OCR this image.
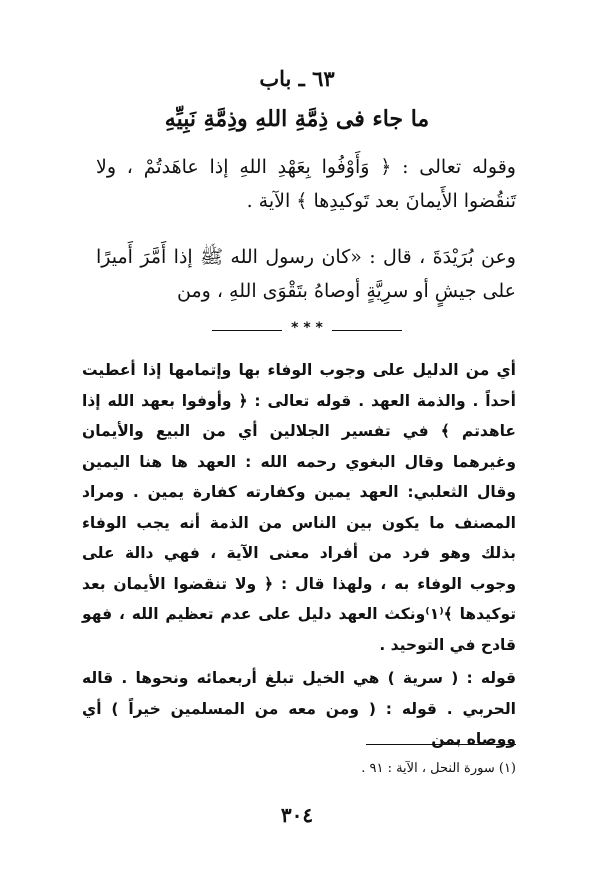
٦٣ ـ باب
ما جاء فى ذِمَّةِ اللهِ وذِمَّةِ نَبِيِّهِ

وقوله تعالى : ﴿ وَأَوْفُوا بِعَهْدِ اللهِ إذا عاهَدتُمْ ، ولا تَنقُضوا الأَيمانَ بعد تَوكيدِها ﴾ الآية .

وعن بُرَيْدَةَ ، قال : «كان رسول الله ﷺ إذا أَمَّرَ أَميرًا على جيشٍ أو سرِيَّةٍ أوصاهُ بتَقْوَى اللهِ ، ومن

* * *

أي من الدليل على وجوب الوفاء بها وإتمامها إذا أعطيت أحداً . والذمة العهد . قوله تعالى : ﴿ وأوفوا بعهد الله إذا عاهدتم ﴾ في تفسير الجلالين أي من البيع والأيمان وغيرهما وقال البغوي رحمه الله : العهد ها هنا اليمين وقال الثعلبي: العهد يمين وكفارته كفارة يمين . ومراد المصنف ما يكون بين الناس من الذمة أنه يجب الوفاء بذلك وهو فرد من أفراد معنى الآية ، فهي دالة على وجوب الوفاء به ، ولهذا قال : ﴿ ولا تنقضوا الأيمان بعد توكيدها ﴾⁽١⁾ونكث العهد دليل على عدم تعظيم الله ، فهو قادح في التوحيد .

قوله : ( سرية ) هي الخيل تبلغ أربعمائه ونحوها . قاله الحربي . قوله : ( ومن معه من المسلمين خيراً ) أي ووصاه بمن

(١) سورة النحل ، الآية : ٩١ .
٣٠٤
